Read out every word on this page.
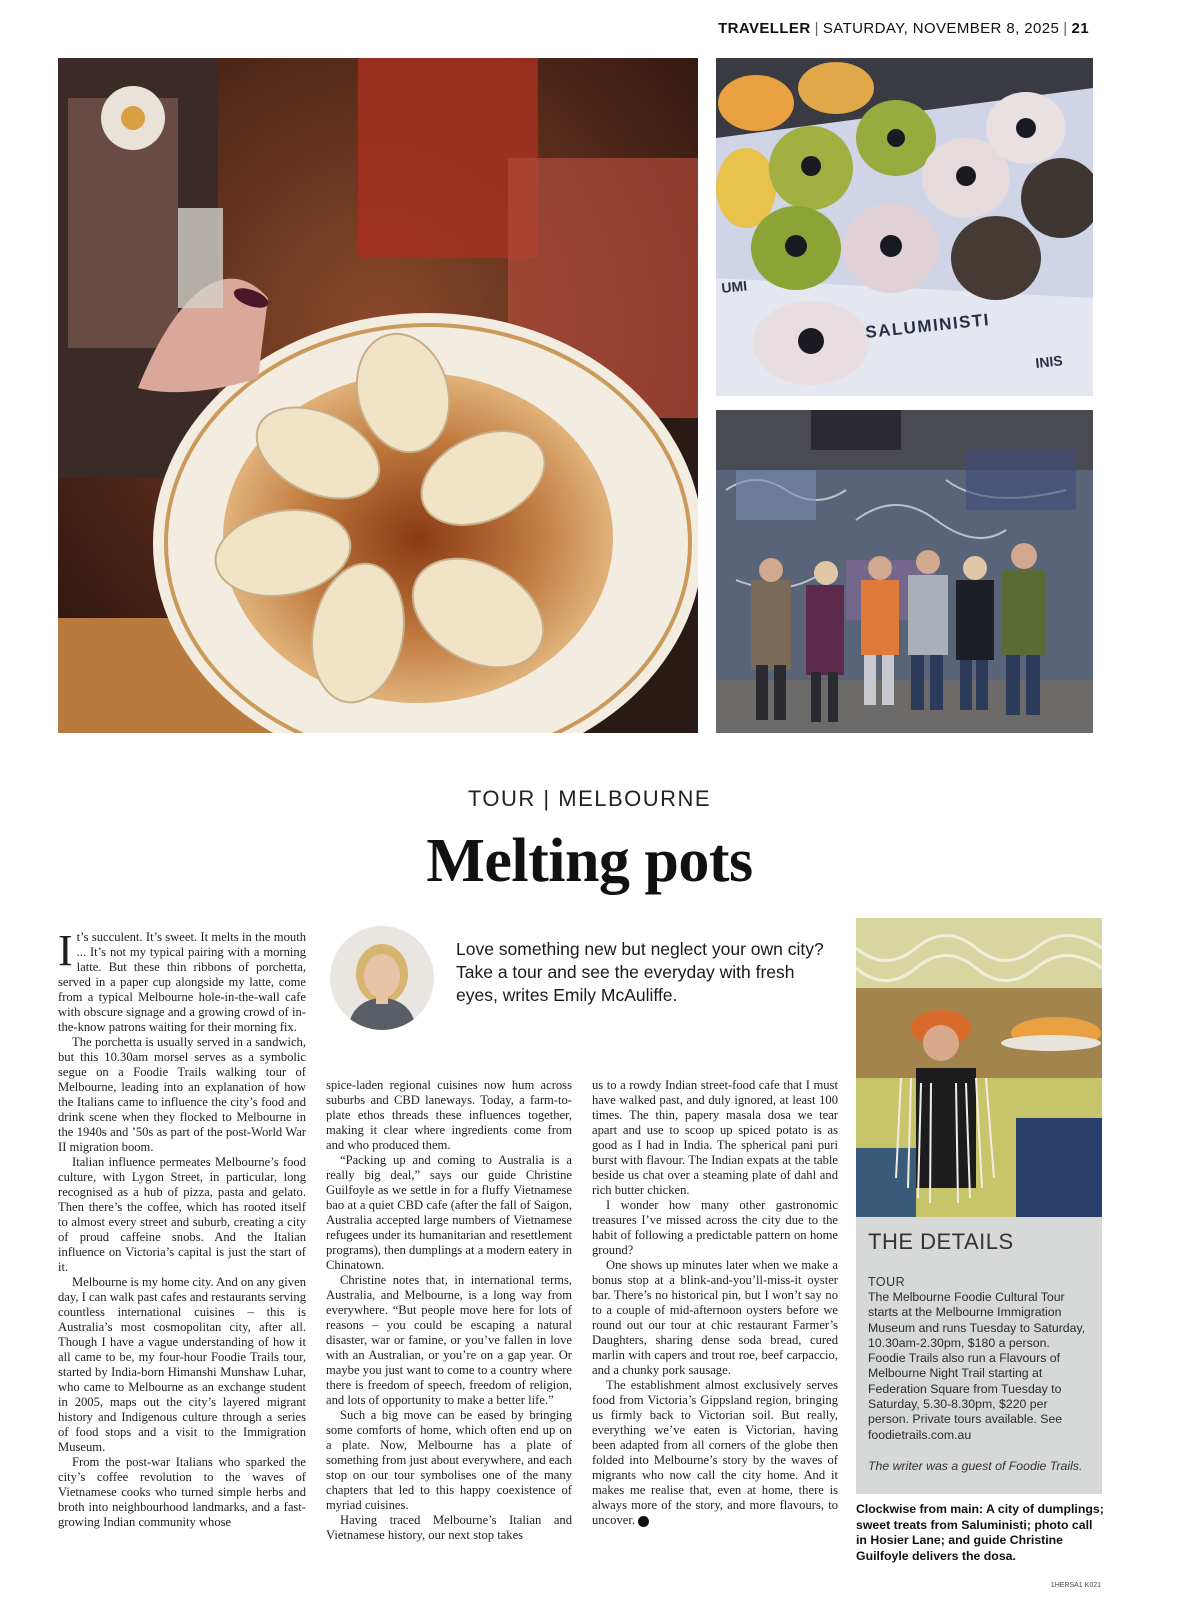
TRAVELLER | SATURDAY, NOVEMBER 8, 2025 | 21
SALUMINISTI
UMI
INIS
TOUR | MELBOURNE
Melting pots

It’s succulent. It’s sweet. It melts in the mouth ... It’s not my typical pairing with a morning latte. But these thin ribbons of porchetta, served in a paper cup alongside my latte, come from a typical Melbourne hole-in-the-wall cafe with obscure signage and a growing crowd of in-the-know patrons waiting for their morning fix.

The porchetta is usually served in a sandwich, but this 10.30am morsel serves as a symbolic segue on a Foodie Trails walking tour of Melbourne, leading into an explanation of how the Italians came to influence the city’s food and drink scene when they flocked to Melbourne in the 1940s and ’50s as part of the post-World War II migration boom.

Italian influence permeates Melbourne’s food culture, with Lygon Street, in particular, long recognised as a hub of pizza, pasta and gelato. Then there’s the coffee, which has rooted itself to almost every street and suburb, creating a city of proud caffeine snobs. And the Italian influence on Victoria’s capital is just the start of it.

Melbourne is my home city. And on any given day, I can walk past cafes and restaurants serving countless international cuisines – this is Australia’s most cosmopolitan city, after all. Though I have a vague understanding of how it all came to be, my four-hour Foodie Trails tour, started by India-born Himanshi Munshaw Luhar, who came to Melbourne as an exchange student in 2005, maps out the city’s layered migrant history and Indigenous culture through a series of food stops and a visit to the Immigration Museum.

From the post-war Italians who sparked the city’s coffee revolution to the waves of Vietnamese cooks who turned simple herbs and broth into neighbourhood landmarks, and a fast-growing Indian community whose

Love something new but neglect your own city? Take a tour and see the everyday with fresh eyes, writes Emily McAuliffe.

spice-laden regional cuisines now hum across suburbs and CBD laneways. Today, a farm-to-plate ethos threads these influences together, making it clear where ingredients come from and who produced them.

“Packing up and coming to Australia is a really big deal,” says our guide Christine Guilfoyle as we settle in for a fluffy Vietnamese bao at a quiet CBD cafe (after the fall of Saigon, Australia accepted large numbers of Vietnamese refugees under its humanitarian and resettlement programs), then dumplings at a modern eatery in Chinatown.

Christine notes that, in international terms, Australia, and Melbourne, is a long way from everywhere. “But people move here for lots of reasons – you could be escaping a natural disaster, war or famine, or you’ve fallen in love with an Australian, or you’re on a gap year. Or maybe you just want to come to a country where there is freedom of speech, freedom of religion, and lots of opportunity to make a better life.”

Such a big move can be eased by bringing some comforts of home, which often end up on a plate. Now, Melbourne has a plate of something from just about everywhere, and each stop on our tour symbolises one of the many chapters that led to this happy coexistence of myriad cuisines.

Having traced Melbourne’s Italian and Vietnamese history, our next stop takes

us to a rowdy Indian street-food cafe that I must have walked past, and duly ignored, at least 100 times. The thin, papery masala dosa we tear apart and use to scoop up spiced potato is as good as I had in India. The spherical pani puri burst with flavour. The Indian expats at the table beside us chat over a steaming plate of dahl and rich butter chicken.

I wonder how many other gastronomic treasures I’ve missed across the city due to the habit of following a predictable pattern on home ground?

One shows up minutes later when we make a bonus stop at a blink-and-you’ll-miss-it oyster bar. There’s no historical pin, but I won’t say no to a couple of mid-afternoon oysters before we round out our tour at chic restaurant Farmer’s Daughters, sharing dense soda bread, cured marlin with capers and trout roe, beef carpaccio, and a chunky pork sausage.

The establishment almost exclusively serves food from Victoria’s Gippsland region, bringing us firmly back to Victorian soil. But really, everything we’ve eaten is Victorian, having been adapted from all corners of the globe then folded into Melbourne’s story by the waves of migrants who now call the city home. And it makes me realise that, even at home, there is always more of the story, and more flavours, to uncover. T

THE DETAILS
TOUR
The Melbourne Foodie Cultural Tour starts at the Melbourne Immigration Museum and runs Tuesday to Saturday, 10.30am-2.30pm, $180 a person. Foodie Trails also run a Flavours of Melbourne Night Trail starting at Federation Square from Tuesday to Saturday, 5.30-8.30pm, $220 per person. Private tours available. See foodietrails.com.au
The writer was a guest of Foodie Trails.
Clockwise from main: A city of dumplings; sweet treats from Saluministi; photo call in Hosier Lane; and guide Christine Guilfoyle delivers the dosa.
1HERSA1 K021
